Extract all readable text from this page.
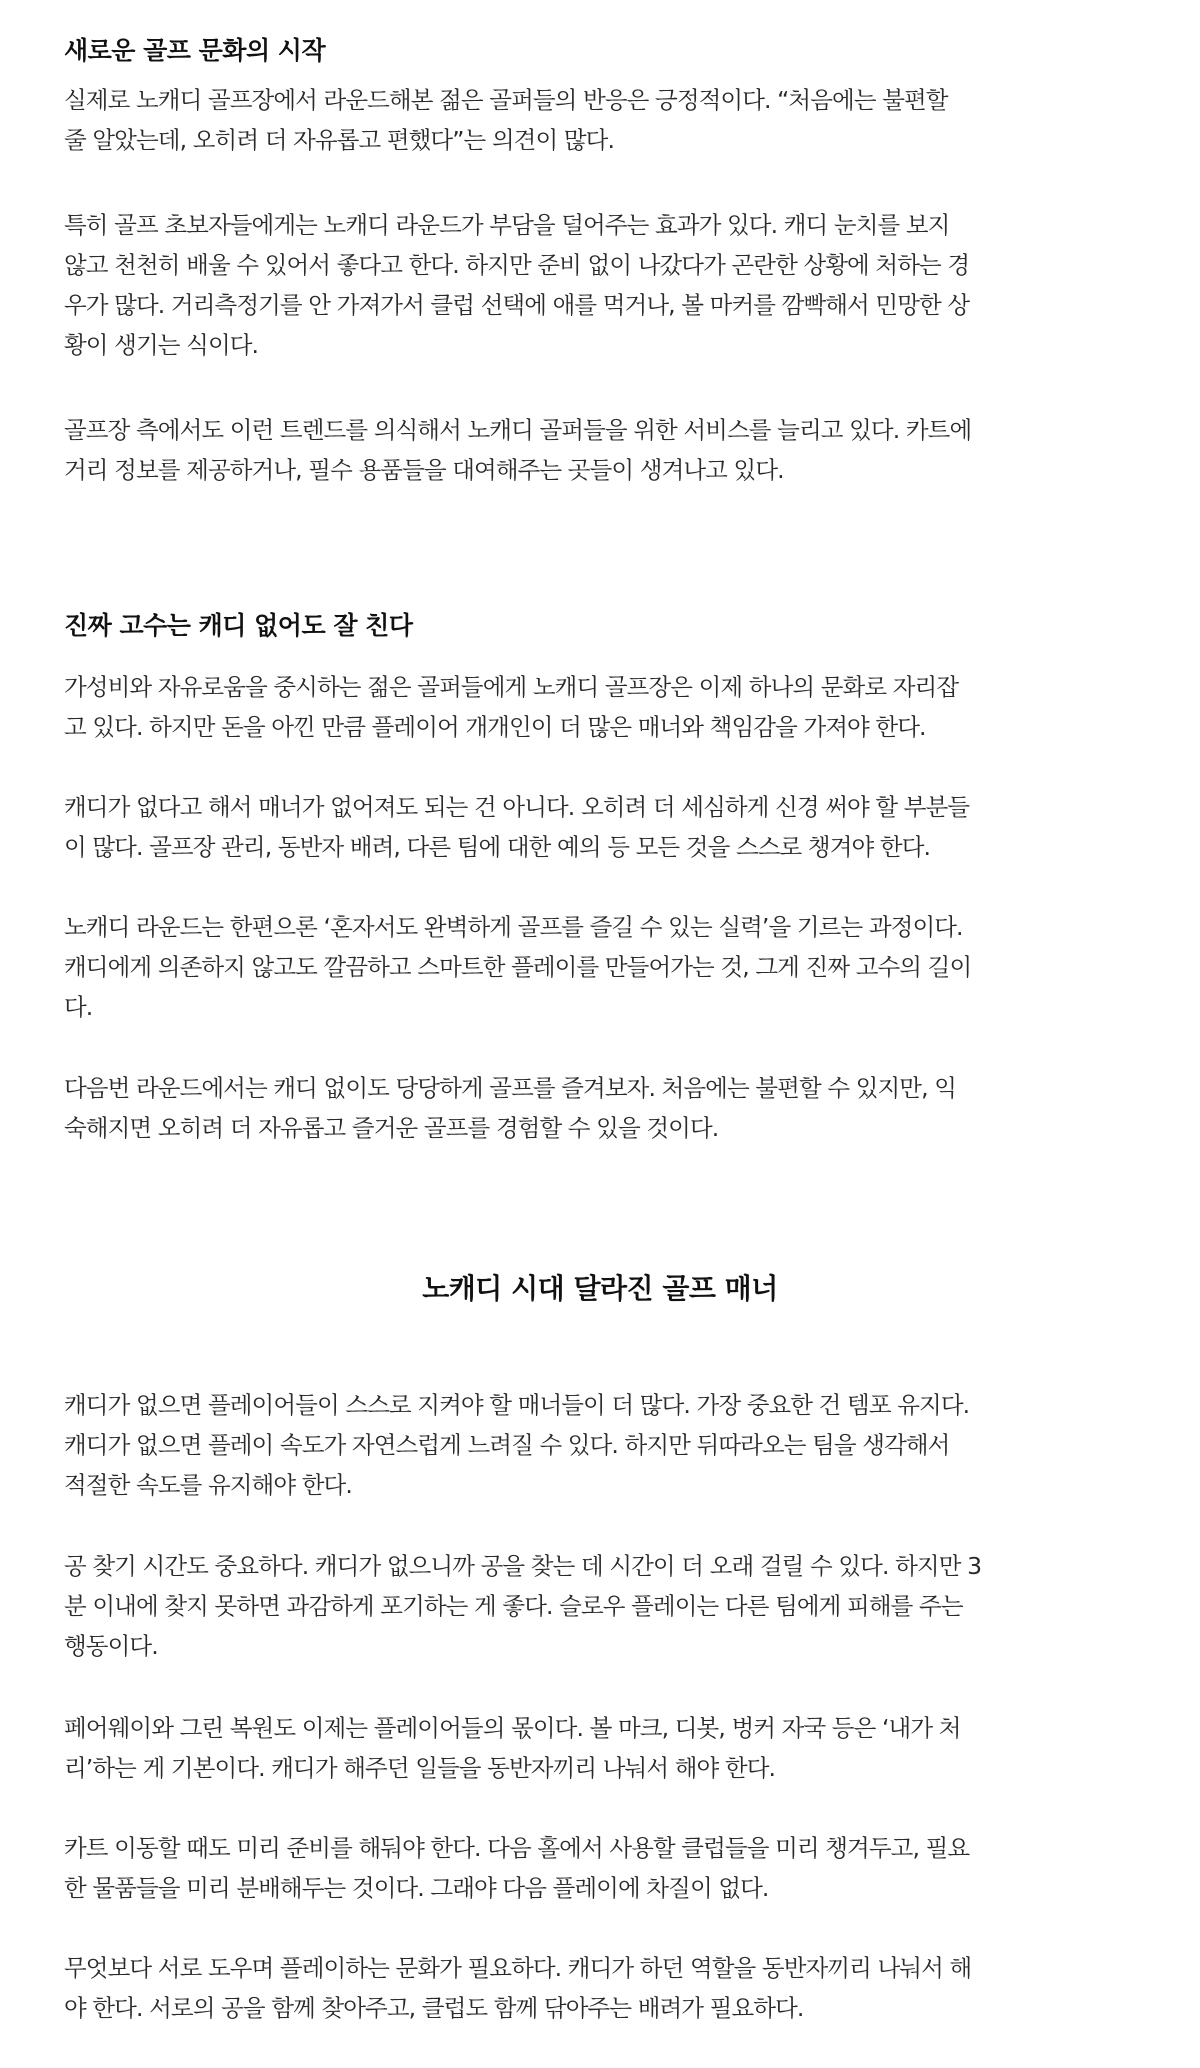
새로운 골프 문화의 시작

실제로 노캐디 골프장에서 라운드해본 젊은 골퍼들의 반응은 긍정적이다. “처음에는 불편할
줄 알았는데, 오히려 더 자유롭고 편했다”는 의견이 많다.

특히 골프 초보자들에게는 노캐디 라운드가 부담을 덜어주는 효과가 있다. 캐디 눈치를 보지
않고 천천히 배울 수 있어서 좋다고 한다. 하지만 준비 없이 나갔다가 곤란한 상황에 처하는 경
우가 많다. 거리측정기를 안 가져가서 클럽 선택에 애를 먹거나, 볼 마커를 깜빡해서 민망한 상
황이 생기는 식이다.

골프장 측에서도 이런 트렌드를 의식해서 노캐디 골퍼들을 위한 서비스를 늘리고 있다. 카트에
거리 정보를 제공하거나, 필수 용품들을 대여해주는 곳들이 생겨나고 있다.

진짜 고수는 캐디 없어도 잘 친다

가성비와 자유로움을 중시하는 젊은 골퍼들에게 노캐디 골프장은 이제 하나의 문화로 자리잡
고 있다. 하지만 돈을 아낀 만큼 플레이어 개개인이 더 많은 매너와 책임감을 가져야 한다.

캐디가 없다고 해서 매너가 없어져도 되는 건 아니다. 오히려 더 세심하게 신경 써야 할 부분들
이 많다. 골프장 관리, 동반자 배려, 다른 팀에 대한 예의 등 모든 것을 스스로 챙겨야 한다.

노캐디 라운드는 한편으론 ‘혼자서도 완벽하게 골프를 즐길 수 있는 실력’을 기르는 과정이다.
캐디에게 의존하지 않고도 깔끔하고 스마트한 플레이를 만들어가는 것, 그게 진짜 고수의 길이
다.

다음번 라운드에서는 캐디 없이도 당당하게 골프를 즐겨보자. 처음에는 불편할 수 있지만, 익
숙해지면 오히려 더 자유롭고 즐거운 골프를 경험할 수 있을 것이다.

노캐디 시대 달라진 골프 매너

캐디가 없으면 플레이어들이 스스로 지켜야 할 매너들이 더 많다. 가장 중요한 건 템포 유지다.
캐디가 없으면 플레이 속도가 자연스럽게 느려질 수 있다. 하지만 뒤따라오는 팀을 생각해서
적절한 속도를 유지해야 한다.

공 찾기 시간도 중요하다. 캐디가 없으니까 공을 찾는 데 시간이 더 오래 걸릴 수 있다. 하지만 3
분 이내에 찾지 못하면 과감하게 포기하는 게 좋다. 슬로우 플레이는 다른 팀에게 피해를 주는
행동이다.

페어웨이와 그린 복원도 이제는 플레이어들의 몫이다. 볼 마크, 디봇, 벙커 자국 등은 ‘내가 처
리’하는 게 기본이다. 캐디가 해주던 일들을 동반자끼리 나눠서 해야 한다.

카트 이동할 때도 미리 준비를 해둬야 한다. 다음 홀에서 사용할 클럽들을 미리 챙겨두고, 필요
한 물품들을 미리 분배해두는 것이다. 그래야 다음 플레이에 차질이 없다.

무엇보다 서로 도우며 플레이하는 문화가 필요하다. 캐디가 하던 역할을 동반자끼리 나눠서 해
야 한다. 서로의 공을 함께 찾아주고, 클럽도 함께 닦아주는 배려가 필요하다.
